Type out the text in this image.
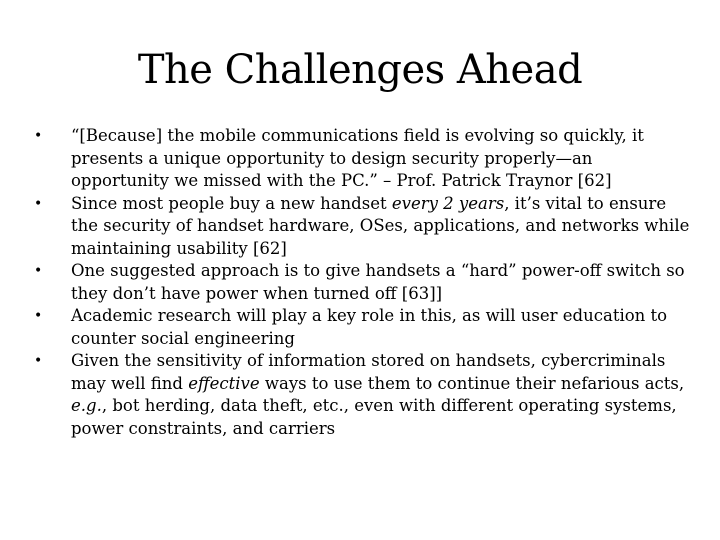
The Challenges Ahead
• “[Because] the mobile communications field is evolving so quickly, it presents a unique opportunity to design security properly—an opportunity we missed with the PC.” – Prof. Patrick Traynor [62]
• Since most people buy a new handset every 2 years, it’s vital to ensure the security of handset hardware, OSes, applications, and networks while maintaining usability [62]
• One suggested approach is to give handsets a “hard” power-off switch so they don’t have power when turned off [63]]
• Academic research will play a key role in this, as will user education to counter social engineering
• Given the sensitivity of information stored on handsets, cybercriminals may well find effective ways to use them to continue their nefarious acts, e.g., bot herding, data theft, etc., even with different operating systems, power constraints, and carriers
